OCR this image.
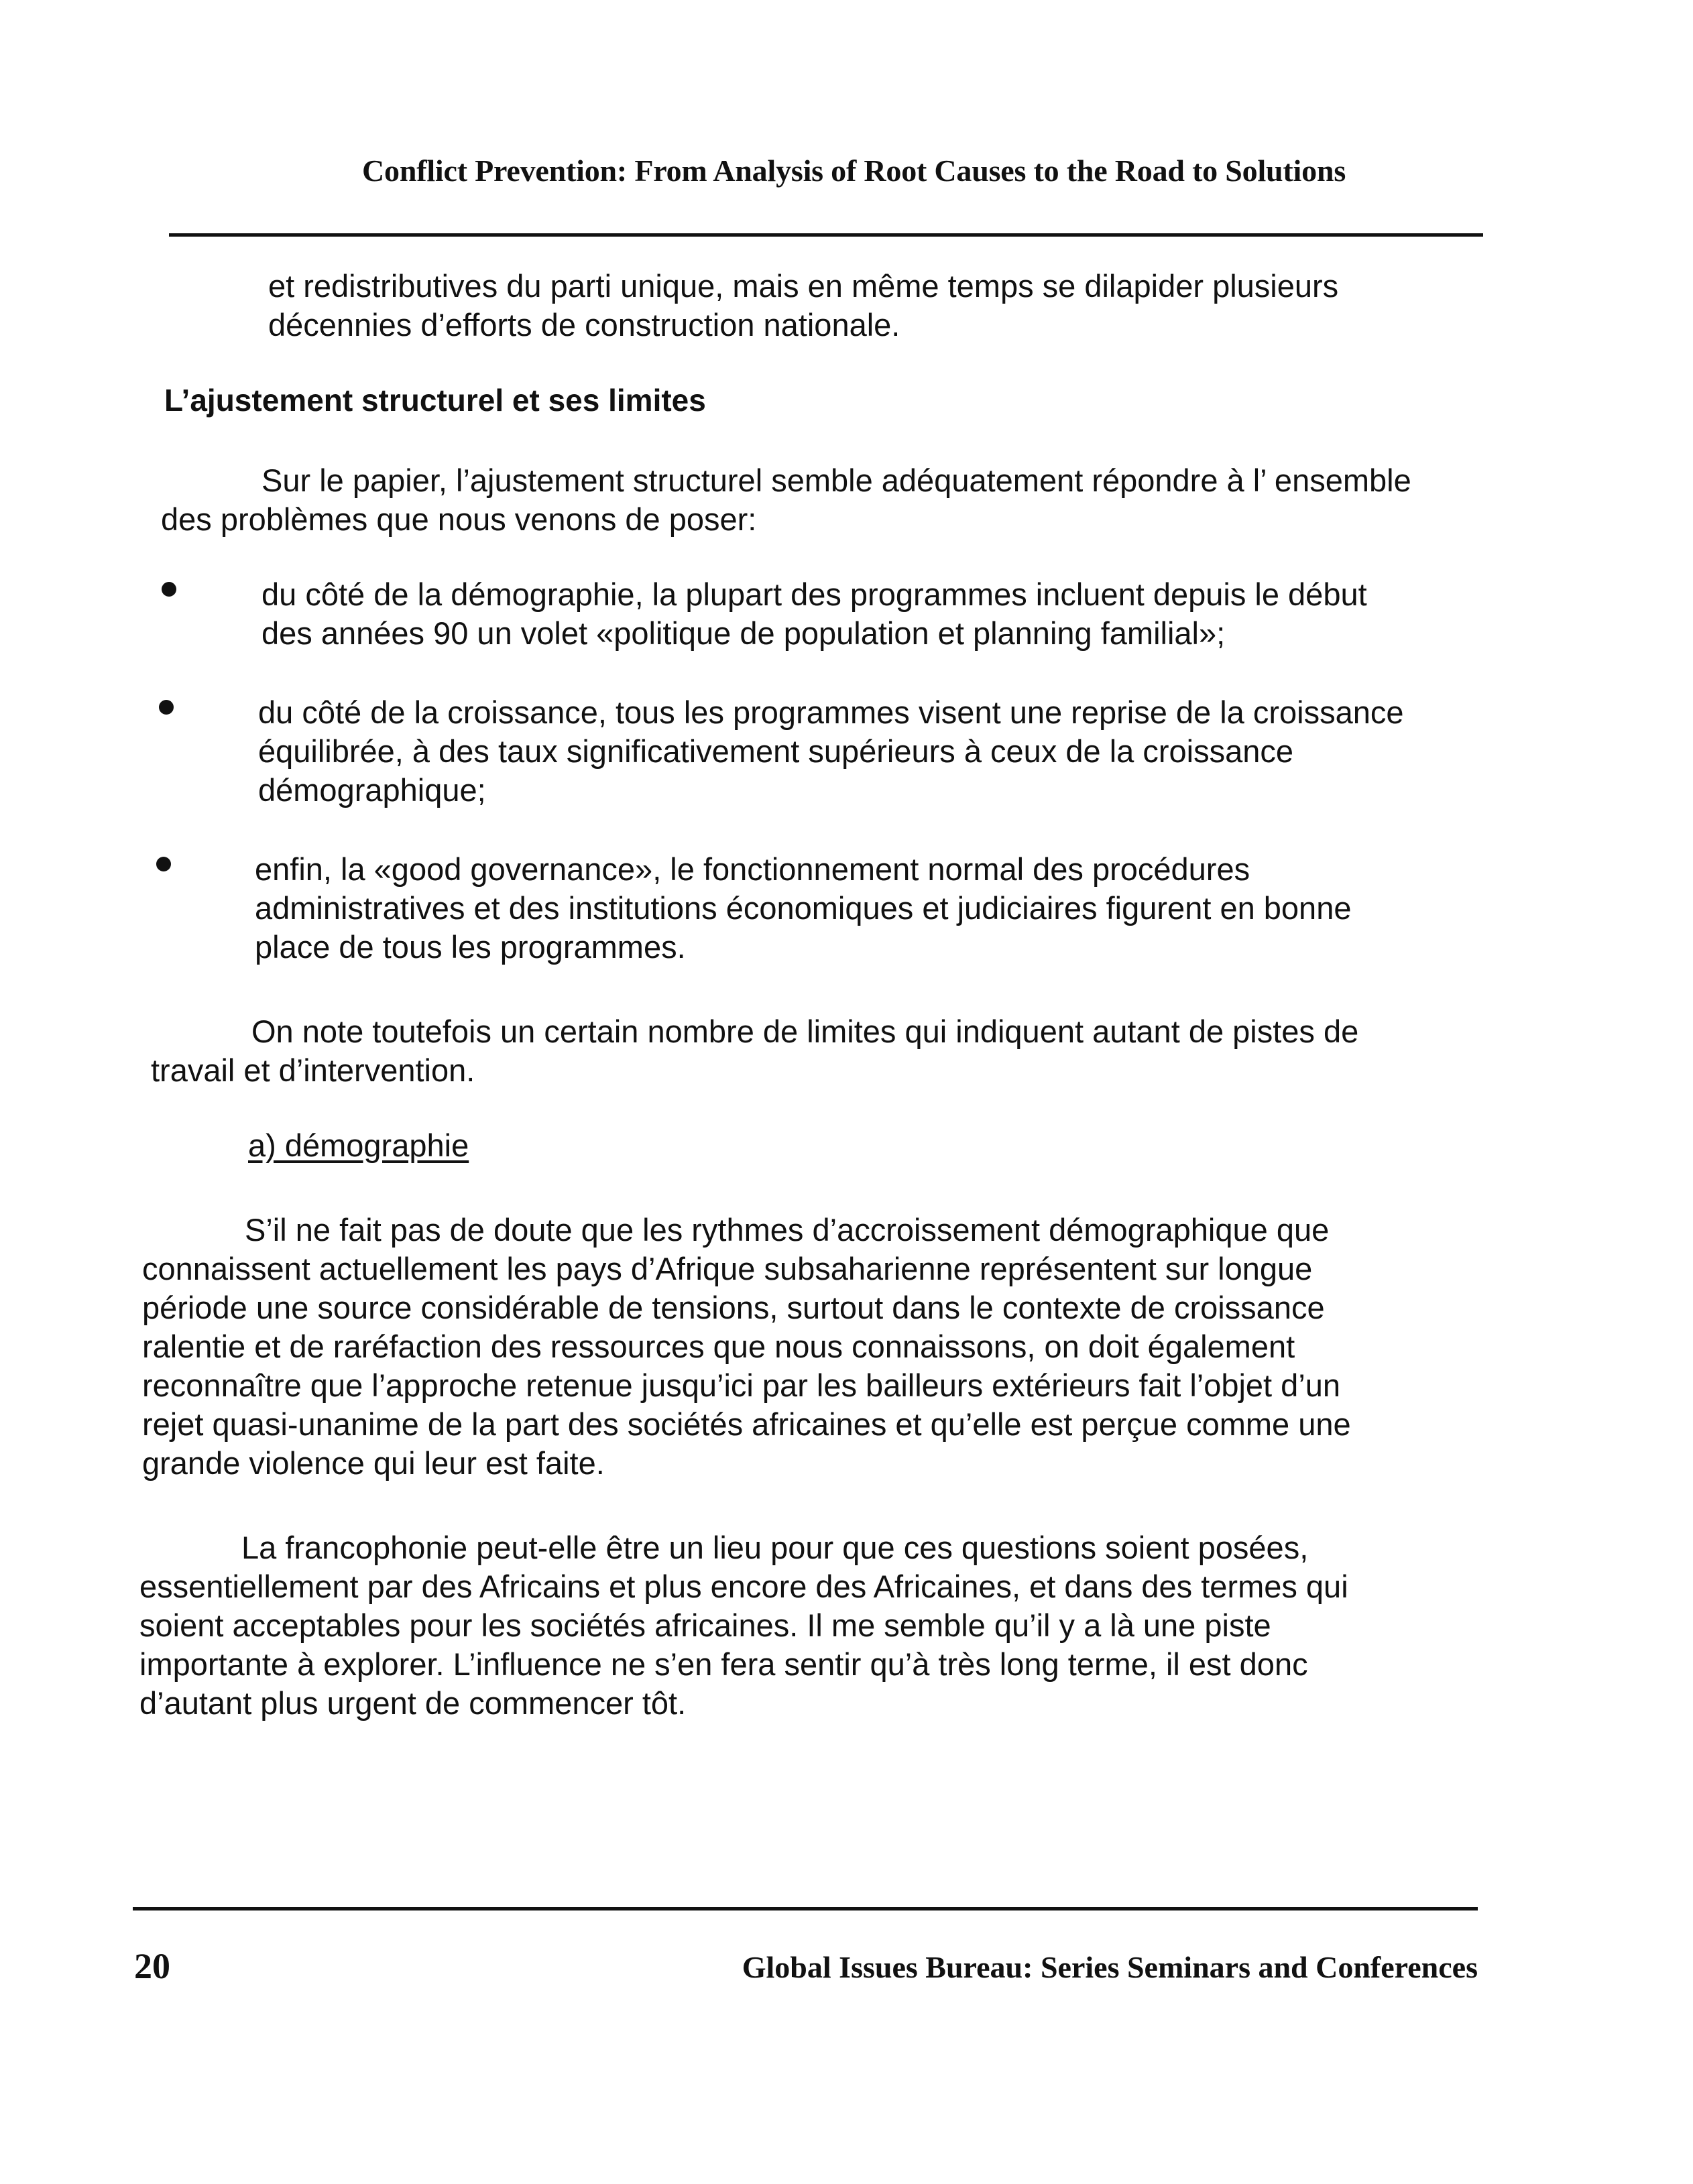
Conflict Prevention: From Analysis of Root Causes to the Road to Solutions
et redistributives du parti unique, mais en même temps se dilapider plusieurs
décennies d’efforts de construction nationale.
L’ajustement structurel et ses limites
Sur le papier, l’ajustement structurel semble adéquatement répondre à l’ ensemble
des problèmes que nous venons de poser:
du côté de la démographie, la plupart des programmes incluent depuis le début
des années 90 un volet «politique de population et planning familial»;
du côté de la croissance, tous les programmes visent une reprise de la croissance
équilibrée, à des taux significativement supérieurs à ceux de la croissance
démographique;
enfin, la «good governance», le fonctionnement normal des procédures
administratives et des institutions économiques et judiciaires figurent en bonne
place de tous les programmes.
On note toutefois un certain nombre de limites qui indiquent autant de pistes de
travail et d’intervention.
a) démographie
S’il ne fait pas de doute que les rythmes d’accroissement démographique que
connaissent actuellement les pays d’Afrique subsaharienne représentent sur longue
période une source considérable de tensions, surtout dans le contexte de croissance
ralentie et de raréfaction des ressources que nous connaissons, on doit également
reconnaître que l’approche retenue jusqu’ici par les bailleurs extérieurs fait l’objet d’un
rejet quasi-unanime de la part des sociétés africaines et qu’elle est perçue comme une
grande violence qui leur est faite.
La francophonie peut-elle être un lieu pour que ces questions soient posées,
essentiellement par des Africains et plus encore des Africaines, et dans des termes qui
soient acceptables pour les sociétés africaines. Il me semble qu’il y a là une piste
importante à explorer. L’influence ne s’en fera sentir qu’à très long terme, il est donc
d’autant plus urgent de commencer tôt.
20	Global Issues Bureau: Series Seminars and Conferences
